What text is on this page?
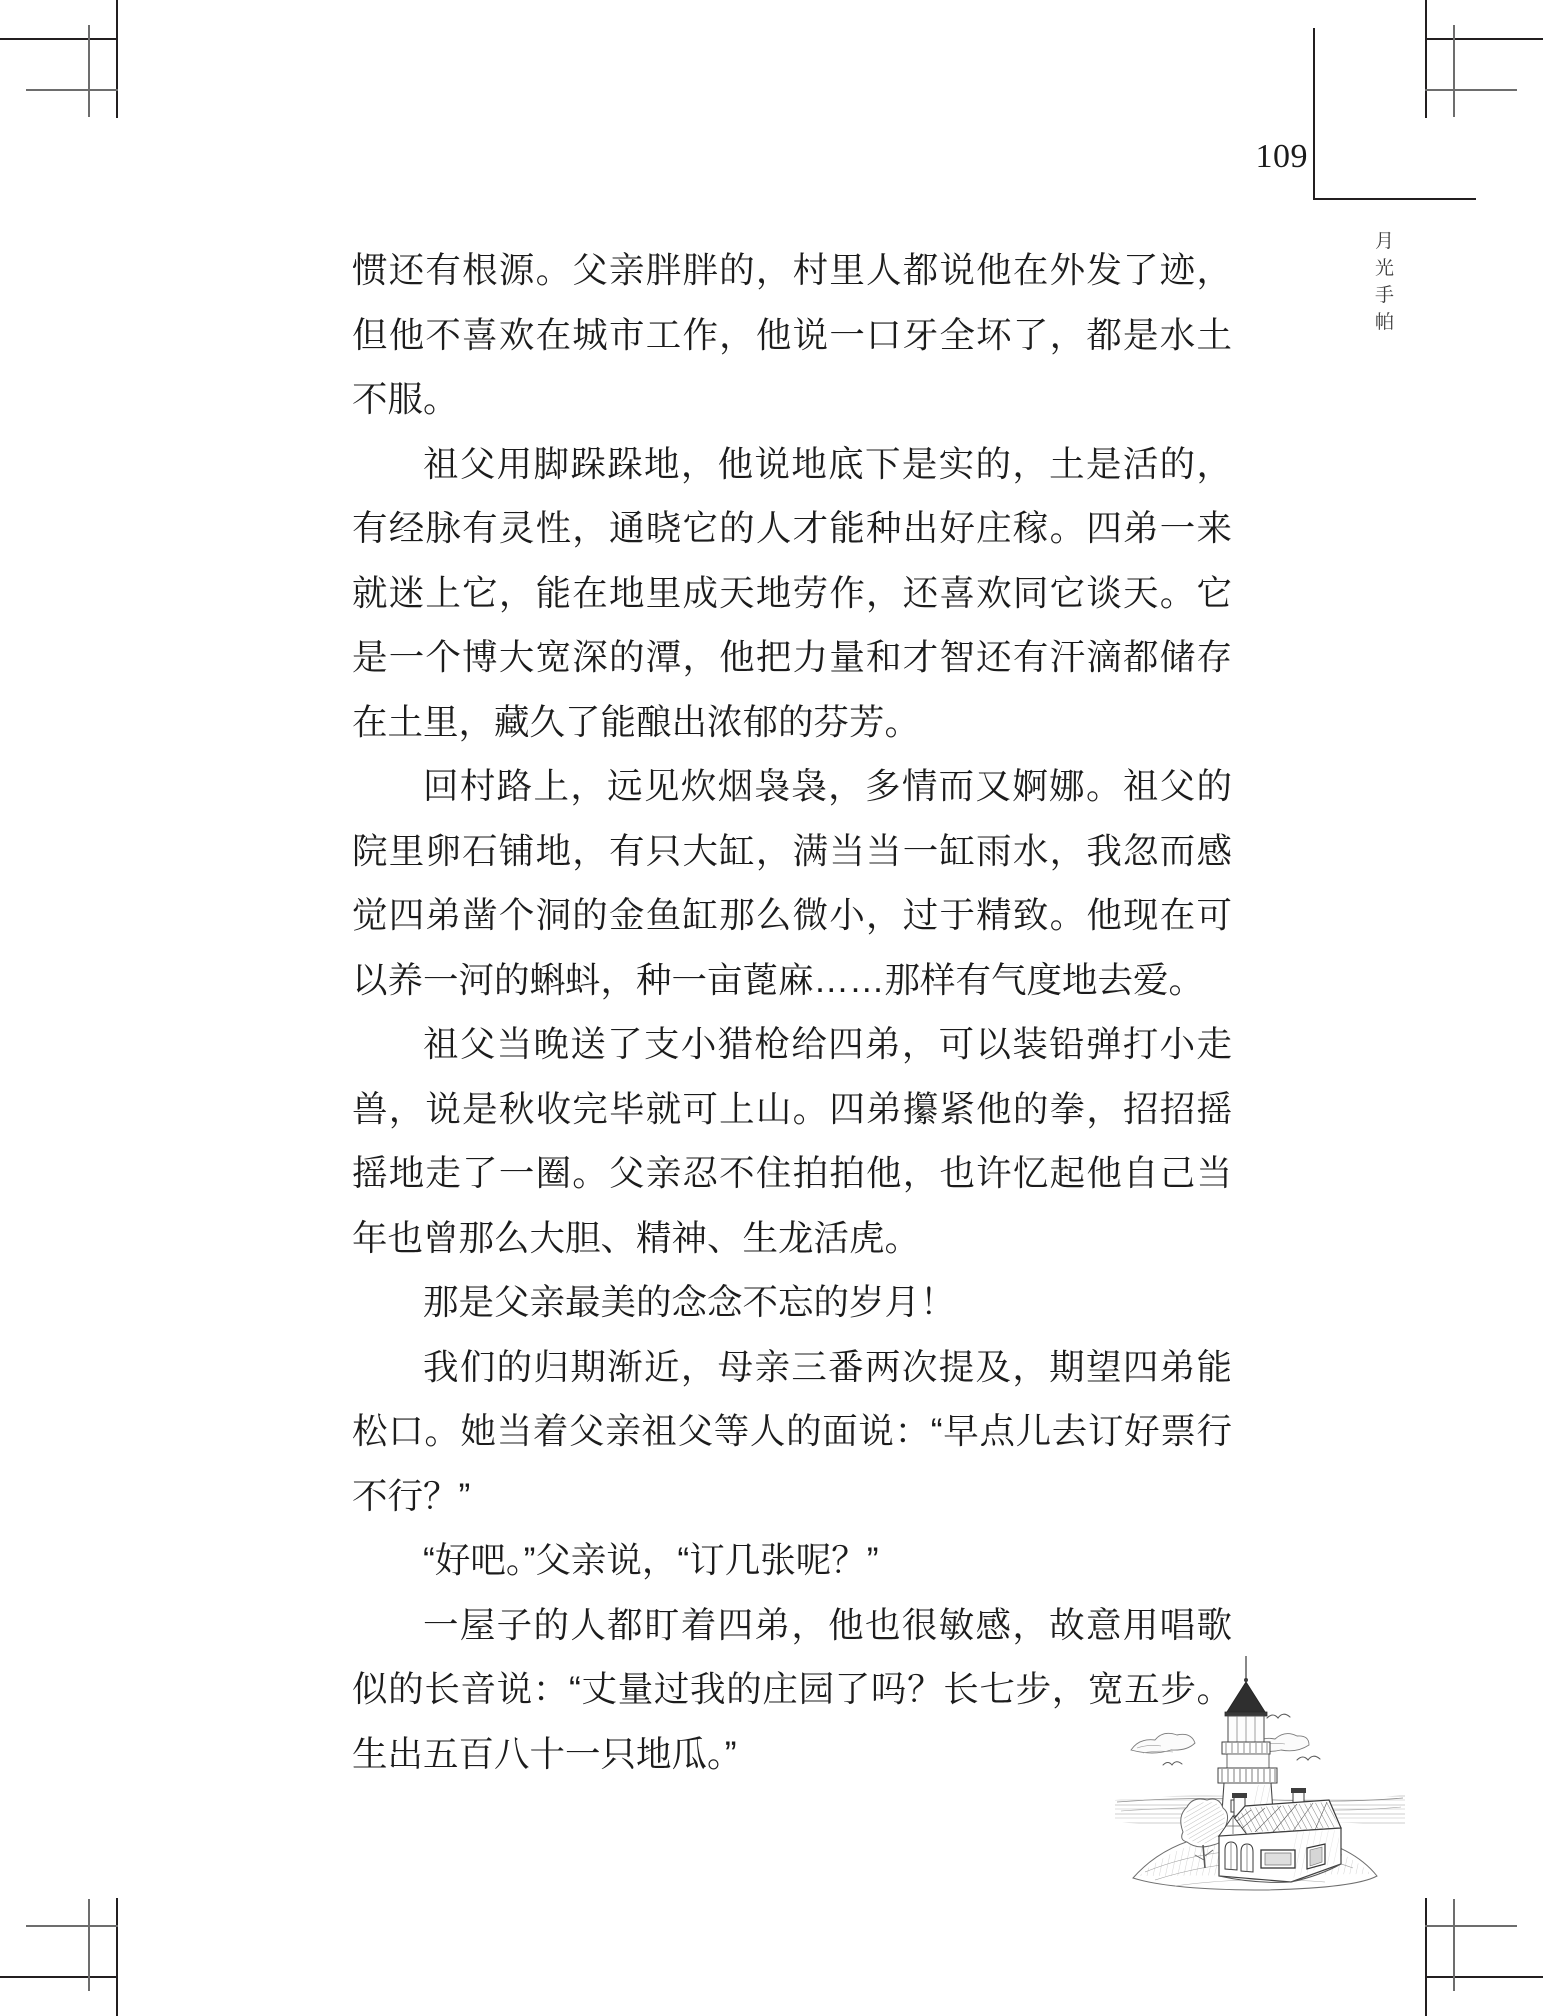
109
月
光
手
帕

惯还有根源。父亲胖胖的，村里人都说他在外发了迹，但他不喜欢在城市工作，他说一口牙全坏了，都是水土不服。

祖父用脚跺跺地，他说地底下是实的，土是活的，有经脉有灵性，通晓它的人才能种出好庄稼。四弟一来就迷上它，能在地里成天地劳作，还喜欢同它谈天。它是一个博大宽深的潭，他把力量和才智还有汗滴都储存在土里，藏久了能酿出浓郁的芬芳。

回村路上，远见炊烟袅袅，多情而又婀娜。祖父的院里卵石铺地，有只大缸，满当当一缸雨水，我忽而感觉四弟凿个洞的金鱼缸那么微小，过于精致。他现在可以养一河的蝌蚪，种一亩蓖麻……那样有气度地去爱。

祖父当晚送了支小猎枪给四弟，可以装铅弹打小走兽，说是秋收完毕就可上山。四弟攥紧他的拳，招招摇摇地走了一圈。父亲忍不住拍拍他，也许忆起他自己当年也曾那么大胆、精神、生龙活虎。

那是父亲最美的念念不忘的岁月！

我们的归期渐近，母亲三番两次提及，期望四弟能松口。她当着父亲祖父等人的面说：“早点儿去订好票行不行？”

“好吧。”父亲说，“订几张呢？”

一屋子的人都盯着四弟，他也很敏感，故意用唱歌似的长音说：“丈量过我的庄园了吗？长七步，宽五步。生出五百八十一只地瓜。”
